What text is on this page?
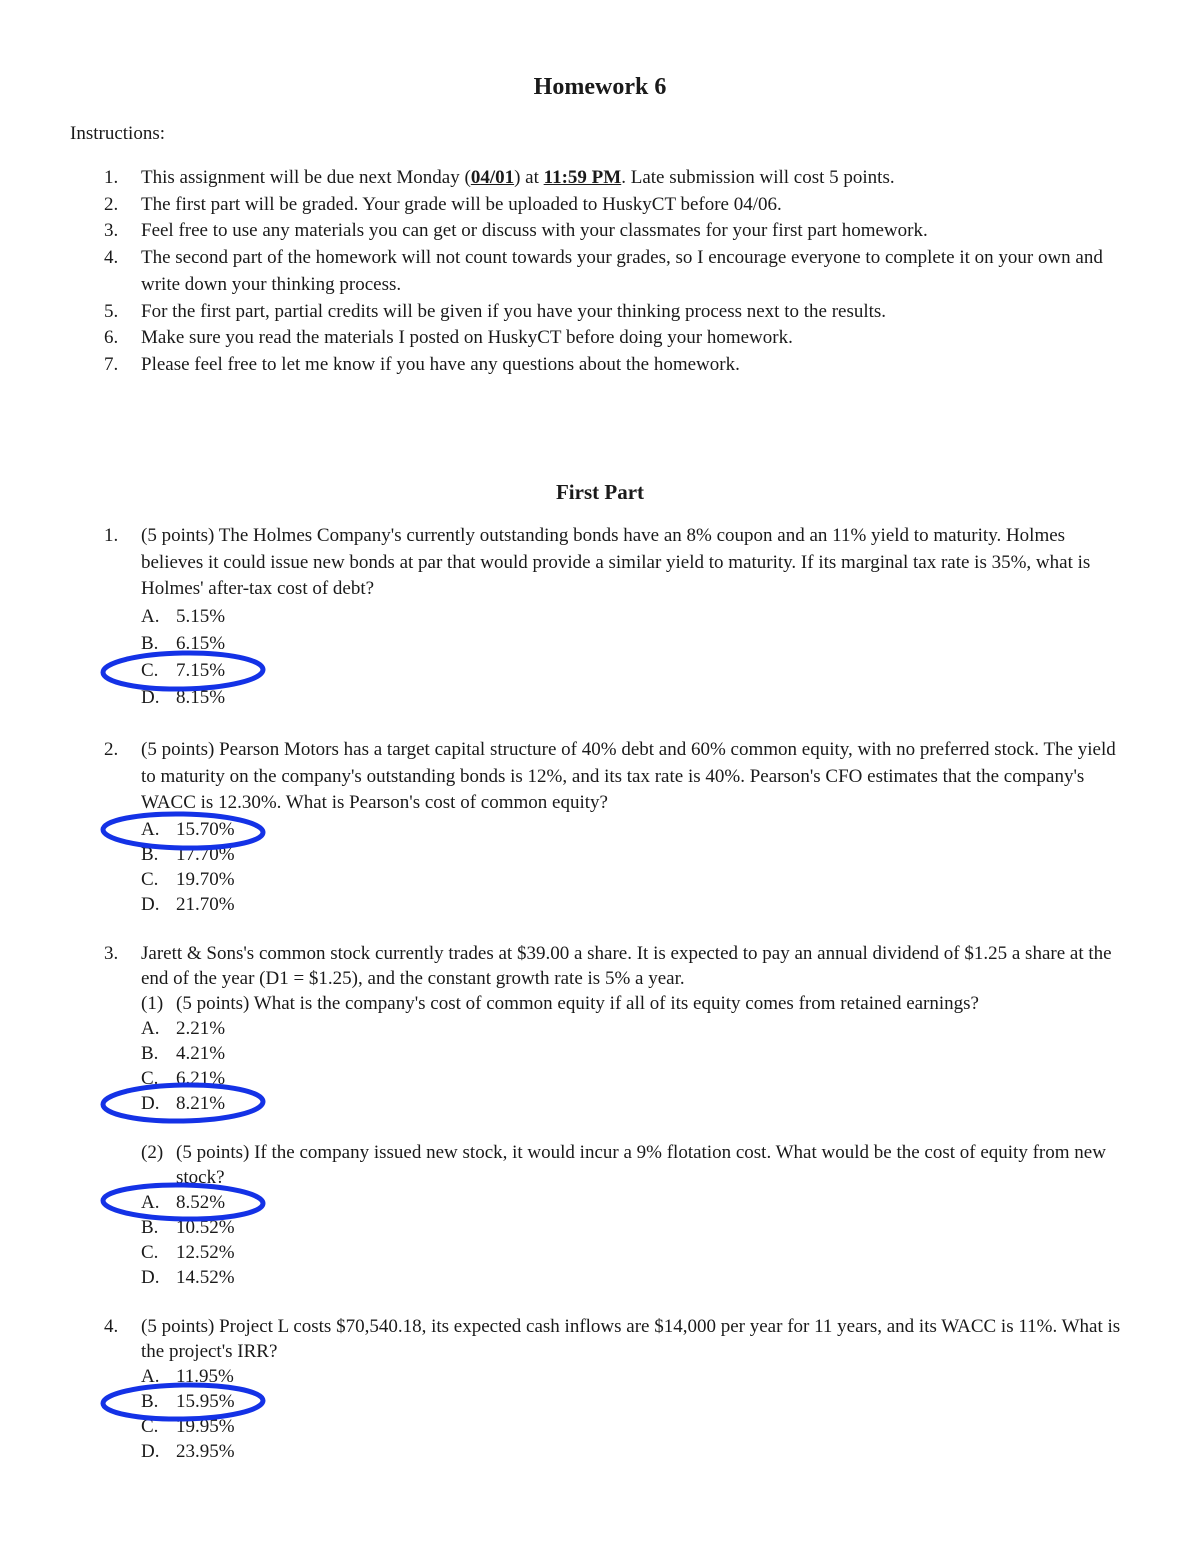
Homework 6

Instructions:

1. This assignment will be due next Monday (04/01) at 11:59 PM. Late submission will cost 5 points.
2. The first part will be graded. Your grade will be uploaded to HuskyCT before 04/06.
3. Feel free to use any materials you can get or discuss with your classmates for your first part homework.
4. The second part of the homework will not count towards your grades, so I encourage everyone to complete it on your own and write down your thinking process.
5. For the first part, partial credits will be given if you have your thinking process next to the results.
6. Make sure you read the materials I posted on HuskyCT before doing your homework.
7. Please feel free to let me know if you have any questions about the homework.
First Part
1. (5 points) The Holmes Company's currently outstanding bonds have an 8% coupon and an 11% yield to maturity. Holmes believes it could issue new bonds at par that would provide a similar yield to maturity. If its marginal tax rate is 35%, what is Holmes' after-tax cost of debt?
A. 5.15%
B. 6.15%
C. 7.15%
D. 8.15%
2. (5 points) Pearson Motors has a target capital structure of 40% debt and 60% common equity, with no preferred stock. The yield to maturity on the company's outstanding bonds is 12%, and its tax rate is 40%. Pearson's CFO estimates that the company's WACC is 12.30%. What is Pearson's cost of common equity?
A. 15.70%
B. 17.70%
C. 19.70%
D. 21.70%
3. Jarett & Sons's common stock currently trades at $39.00 a share. It is expected to pay an annual dividend of $1.25 a share at the end of the year (D1 = $1.25), and the constant growth rate is 5% a year.
(1) (5 points) What is the company's cost of common equity if all of its equity comes from retained earnings?
A. 2.21%
B. 4.21%
C. 6.21%
D. 8.21%
(2) (5 points) If the company issued new stock, it would incur a 9% flotation cost. What would be the cost of equity from new stock?
A. 8.52%
B. 10.52%
C. 12.52%
D. 14.52%
4. (5 points) Project L costs $70,540.18, its expected cash inflows are $14,000 per year for 11 years, and its WACC is 11%. What is the project's IRR?
A. 11.95%
B. 15.95%
C. 19.95%
D. 23.95%
